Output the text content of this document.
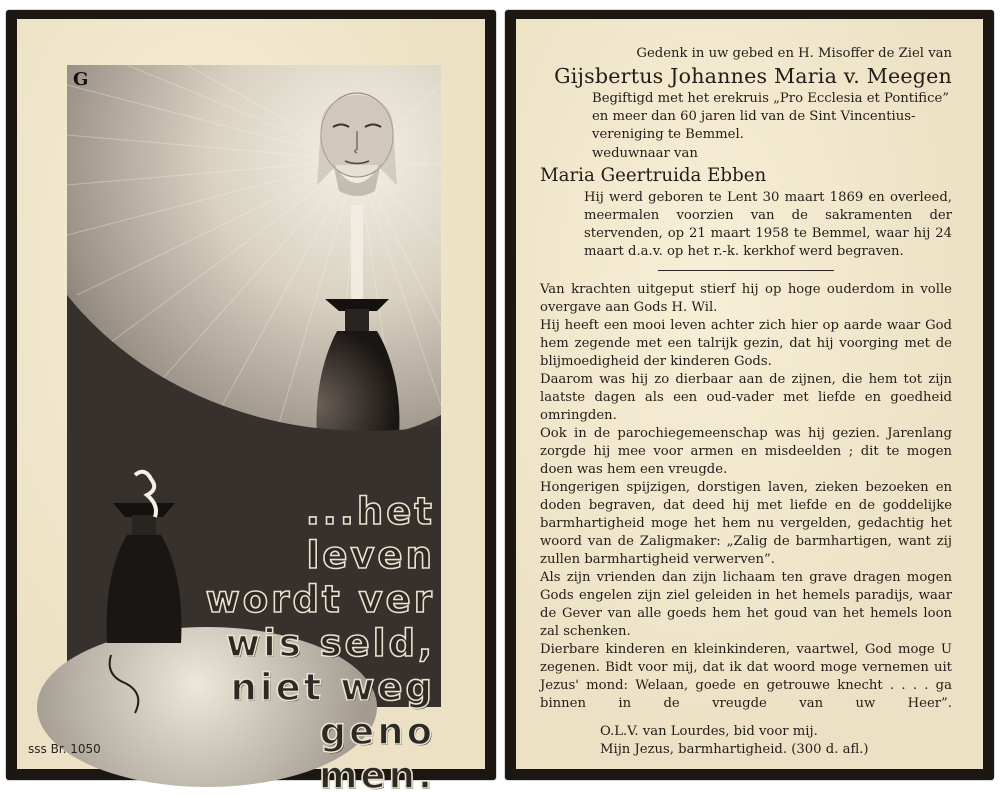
G
...het leven
wordt ver
wis seld,
niet weg
geno
men.
sss Br. 1050
Gedenk in uw gebed en H. Misoffer de Ziel van
Gijsbertus Johannes Maria v. Meegen
Begiftigd met het erekruis „Pro Ecclesia et Pontifice”
en meer dan 60 jaren lid van de Sint Vincentius-
vereniging te Bemmel.
weduwnaar van
Maria Geertruida Ebben
Hij werd geboren te Lent 30 maart 1869 en overleed, meermalen voorzien van de sakramenten der stervenden, op 21 maart 1958 te Bemmel, waar hij 24 maart d.a.v. op het r.-k. kerkhof werd begraven.

Van krachten uitgeput stierf hij op hoge ouderdom in volle overgave aan Gods H. Wil.

Hij heeft een mooi leven achter zich hier op aarde waar God hem zegende met een talrijk gezin, dat hij voorging met de blijmoedigheid der kinderen Gods.

Daarom was hij zo dierbaar aan de zijnen, die hem tot zijn laatste dagen als een oud-vader met liefde en goedheid omringden.

Ook in de parochiegemeenschap was hij gezien. Jarenlang zorgde hij mee voor armen en misdeelden ; dit te mogen doen was hem een vreugde.

Hongerigen spijzigen, dorstigen laven, zieken bezoeken en doden begraven, dat deed hij met liefde en de goddelijke barmhartigheid moge het hem nu vergelden, gedachtig het woord van de Zaligmaker: „Zalig de barmhartigen, want zij zullen barmhartigheid verwerven”.

Als zijn vrienden dan zijn lichaam ten grave dragen mogen Gods engelen zijn ziel geleiden in het hemels paradijs, waar de Gever van alle goeds hem het goud van het hemels loon zal schenken.

Dierbare kinderen en kleinkinderen, vaartwel, God moge U zegenen. Bidt voor mij, dat ik dat woord moge vernemen uit Jezus' mond: Welaan, goede en getrouwe knecht . . . . ga binnen in de vreugde van uw Heer”.

O.L.V. van Lourdes, bid voor mij.
Mijn Jezus, barmhartigheid. (300 d. afl.)
